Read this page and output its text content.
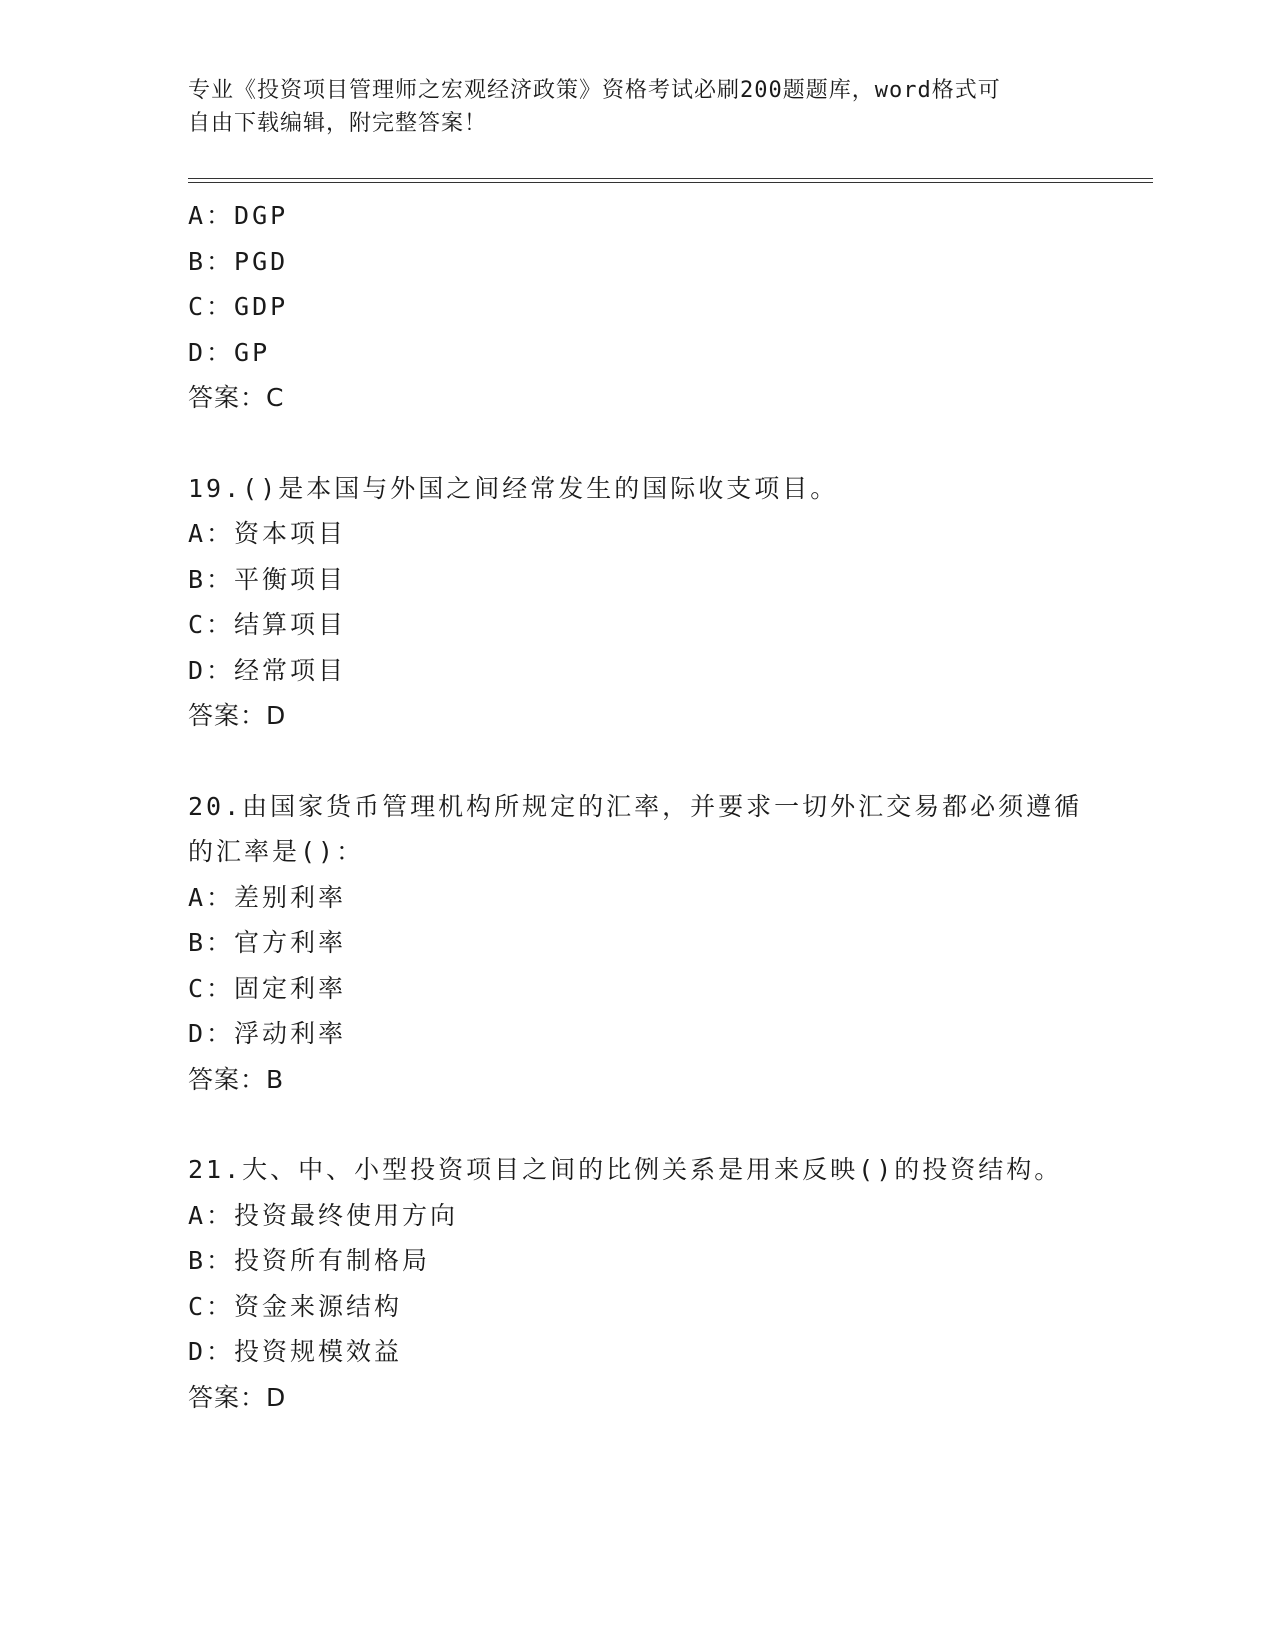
专业《投资项目管理师之宏观经济政策》资格考试必刷200题题库，word格式可
自由下载编辑，附完整答案！
A：DGP
B：PGD
C：GDP
D：GP
答案：C
19.()是本国与外国之间经常发生的国际收支项目。
A：资本项目
B：平衡项目
C：结算项目
D：经常项目
答案：D
20.由国家货币管理机构所规定的汇率，并要求一切外汇交易都必须遵循的汇率是()：
A：差别利率
B：官方利率
C：固定利率
D：浮动利率
答案：B
21.大、中、小型投资项目之间的比例关系是用来反映()的投资结构。
A：投资最终使用方向
B：投资所有制格局
C：资金来源结构
D：投资规模效益
答案：D
